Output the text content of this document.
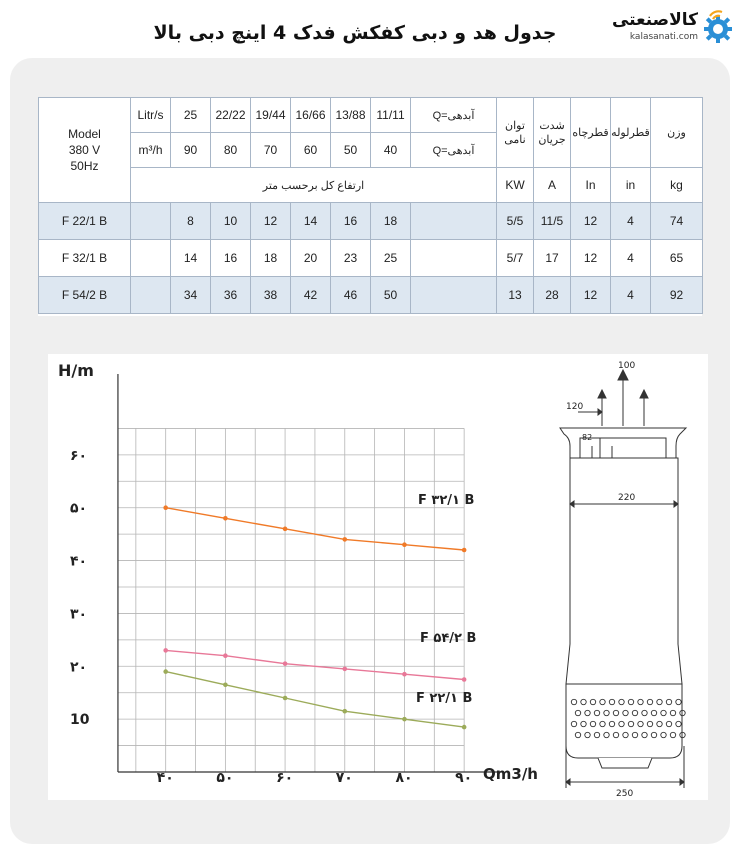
جدول هد و دبی کفکش فدک 4 اینچ دبی بالا
کالاصنعتی
kalasanati.com
Model
380 V
50Hz	Litr/s	25	22/22	19/44	16/66	13/88	11/11	آبدهی=Q	توان نامی	شدت جریان	قطرچاه	قطرلوله	وزن
	m³/h	90	80	70	60	50	40	آبدهی=Q					
	ارتفاع کل برحسب متر								KW	A	In	in	kg
F 22/1 B		8	10	12	14	16	18		5/5	11/5	12	4	74
F 32/1 B		14	16	18	20	23	25		5/7	17	12	4	65
F 54/2 B		34	36	38	42	46	50		13	28	12	4	92
۶۰
۵۰
۴۰
۳۰
۲۰
10
۴۰	۵۰	۶۰	۷۰	۸۰	۹۰
F ۳۲/۱ B
F ۵۴/۲ B
F ۲۲/۱ B
H/m
Qm3/h
100
120
82
220
250
